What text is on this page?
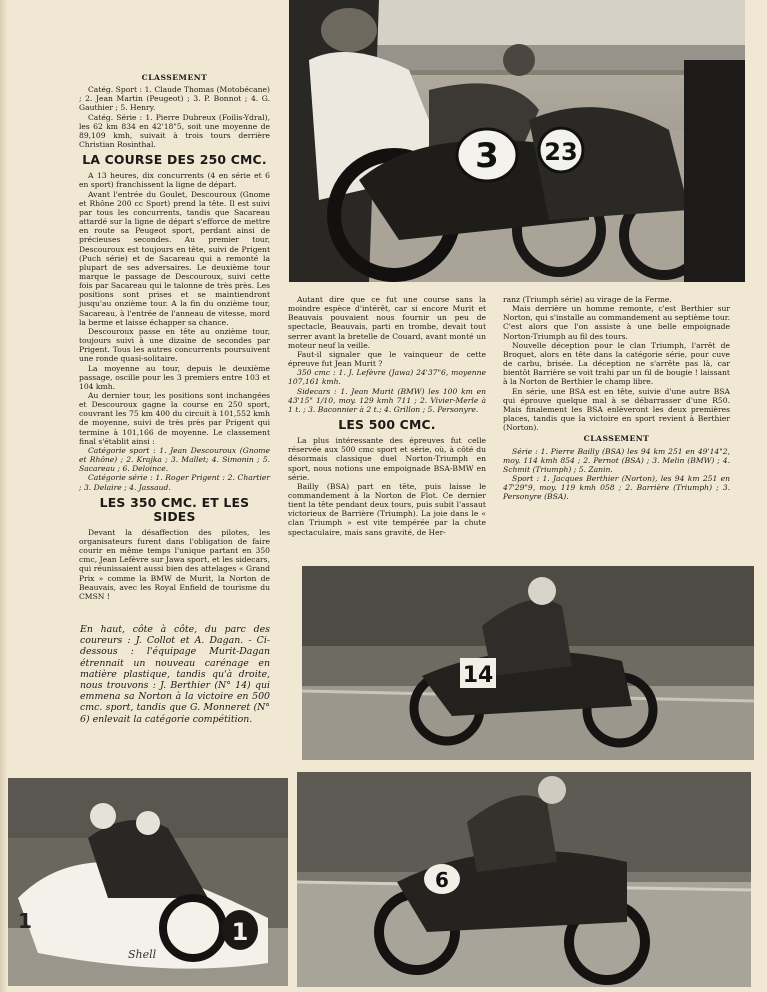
CLASSEMENT

Catég. Sport : 1. Claude Thomas (Motobécane) ; 2. Jean Martin (Peugeot) ; 3. P. Bonnot ; 4. G. Gauthier ; 5. Henry.

Catég. Série : 1. Pierre Dubreux (Foilis-Ydral), les 62 km 834 en 42'18"5, soit une moyenne de 89,109 kmh, suivait à trois tours derrière Christian Rosinthal.

LA COURSE DES 250 CMC.

A 13 heures, dix concurrents (4 en série et 6 en sport) franchissent la ligne de départ.

Avant l'entrée du Goulet, Descouroux (Gnome et Rhône 200 cc Sport) prend la tête. Il est suivi par tous les concurrents, tandis que Sacareau attardé sur la ligne de départ s'efforce de mettre en route sa Peugeot sport, perdant ainsi de précieuses secondes. Au premier tour, Descouroux est toujours en tête, suivi de Prigent (Puch série) et de Sacareau qui a remonté la plupart de ses adversaires. Le deuxième tour marque le passage de Descouroux, suivi cette fois par Sacareau qui le talonne de très près. Les positions sont prises et se maintiendront jusqu'au onzième tour. A la fin du onzième tour, Sacareau, à l'entrée de l'anneau de vitesse, mord la berme et laisse échapper sa chance.

Descouroux passe en tête au onzième tour, toujours suivi à une dizaine de secondes par Prigent. Tous les autres concurrents poursuivent une ronde quasi-solitaire.

La moyenne au tour, depuis le deuxième passage, oscille pour les 3 premiers entre 103 et 104 kmh.

Au dernier tour, les positions sont inchangées et Descouroux gagne la course en 250 sport, couvrant les 75 km 400 du circuit à 101,552 kmh de moyenne, suivi de très près par Prigent qui termine à 101,166 de moyenne. Le classement final s'établit ainsi :

Catégorie sport : 1. Jean Descouroux (Gnome et Rhône) ; 2. Krajka ; 3. Mallet; 4. Simonin ; 5. Sacareau ; 6. Deloince.

Catégorie série : 1. Roger Prigent : 2. Chartier ; 3. Delaire ; 4. Jassaud.

LES 350 CMC. ET LES SIDES

Devant la désaffection des pilotes, les organisateurs furent dans l'obligation de faire courir en même temps l'unique partant en 350 cmc, Jean Lefèvre sur Jawa sport, et les sidecars, qui réunissaient aussi bien des attelages « Grand Prix » comme la BMW de Murit, la Norton de Beauvais, avec les Royal Enfield de tourisme du CMSN !

3 23

Autant dire que ce fut une course sans la moindre espèce d'intérêt, car si encore Murit et Beauvais pouvaient nous fournir un peu de spectacle, Beauvais, parti en trombe, devait tout serrer avant la bretelle de Couard, avant monté un moteur neuf la veille.

Faut-il signaler que le vainqueur de cette épreuve fut Jean Murit ?

350 cmc : 1. J. Lefèvre (Jawa) 24'37"6, moyenne 107,161 kmh.

Sidecars : 1. Jean Murit (BMW) les 100 km en 43'15" 1/10, moy. 129 kmh 711 ; 2. Vivier-Merle à 1 t. ; 3. Baconnier à 2 t.; 4. Grillon ; 5. Personyre.

LES 500 CMC.

La plus intéressante des épreuves fut celle réservée aux 500 cmc sport et série, où, à côté du désormais classique duel Norton-Triumph en sport, nous notions une empoignade BSA-BMW en série.

Bailly (BSA) part en tête, puis laisse le commandement à la Norton de Flot. Ce dernier tient la tête pendant deux tours, puis subit l'assaut victorieux de Barrière (Triumph). La joie dans le « clan Triumph » est vite tempérée par la chute spectaculaire, mais sans gravité, de Her-

ranz (Triumph série) au virage de la Ferme.

Mais derrière un homme remonte, c'est Berthier sur Norton, qui s'installe au commandement au septième tour. C'est alors que l'on assiste à une belle empoignade Norton-Triumph au fil des tours.

Nouvelle déception pour le clan Triumph, l'arrêt de Broquet, alors en tête dans la catégorie série, pour cuve de carbu, brisée. La déception ne s'arrête pas là, car bientôt Barrière se voit trahi par un fil de bougie ! laissant à la Norton de Berthier le champ libre.

En série, une BSA est en tête, suivie d'une autre BSA qui éprouve quelque mal à se débarrasser d'une R50. Mais finalement les BSA enlèveront les deux premières places, tandis que la victoire en sport revient à Berthier (Norton).

CLASSEMENT

Série : 1. Pierre Bailly (BSA) les 94 km 251 en 49'14"2, moy. 114 kmh 854 ; 2. Pernot (BSA) ; 3. Melin (BMW) ; 4. Schmit (Triumph) ; 5. Zanin.

Sport : 1. Jacques Berthier (Norton), les 94 km 251 en 47'29"9, moy. 119 kmh 058 ; 2. Barrière (Triumph) ; 3. Personyre (BSA).

En haut, côte à côte, du parc des coureurs : J. Collot et A. Dagan. - Ci-dessous : l'équipage Murit-Dagan étrennait un nouveau carénage en matière plastique, tandis qu'à droite, nous trouvons : J. Berthier (N° 14) qui emmena sa Norton à la victoire en 500 cmc. sport, tandis que G. Monneret (N° 6) enlevait la catégorie compétition.

14
1
1
Shell
6
